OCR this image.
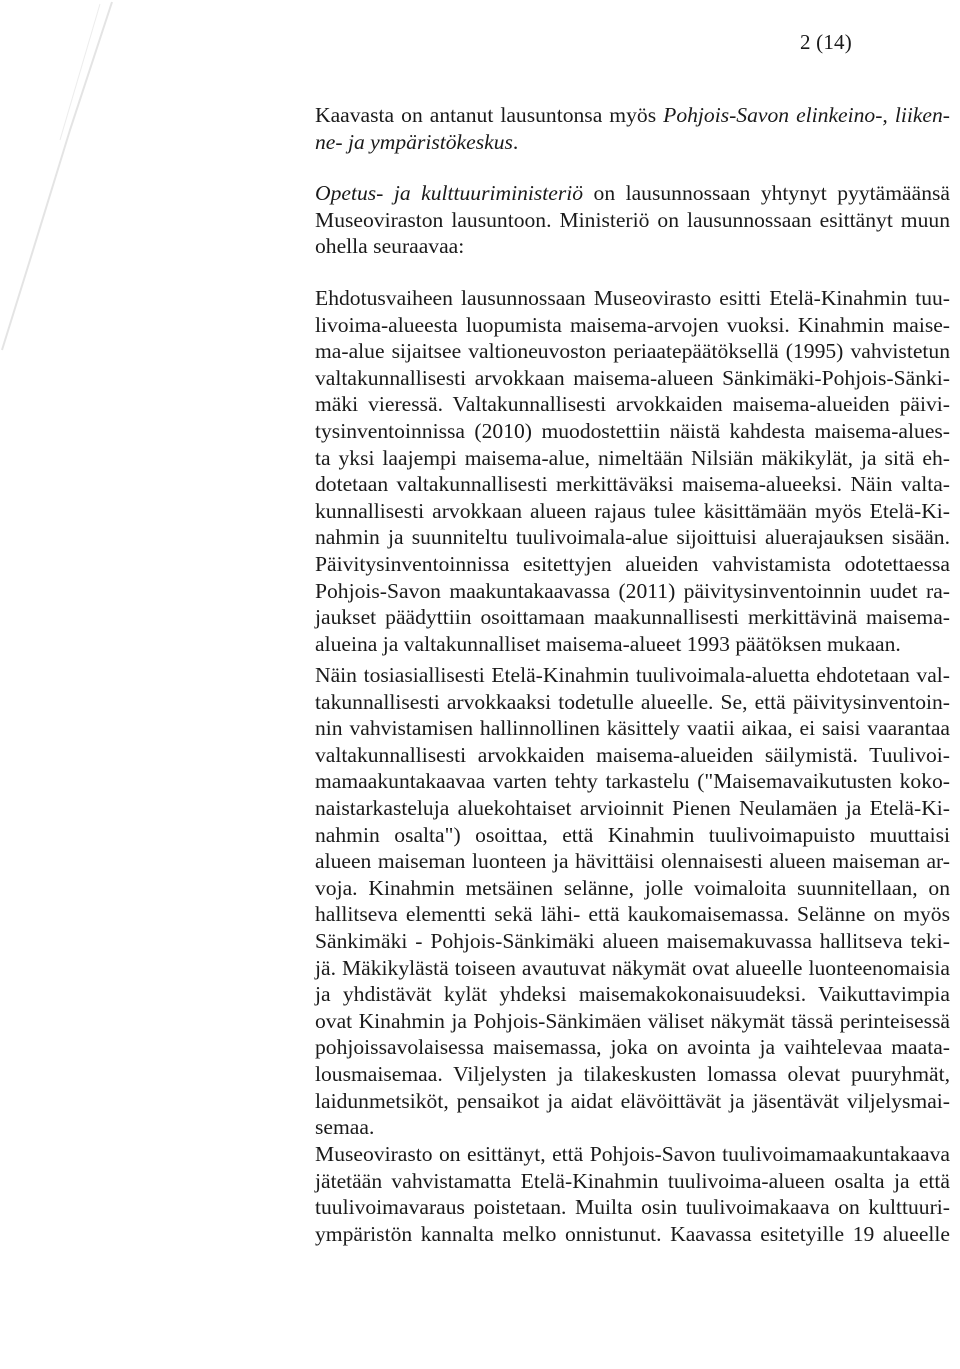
2 (14)
Kaavasta on antanut lausuntonsa myös Pohjois-Savon elinkeino-, liiken-
ne- ja ympäristökeskus.
Opetus- ja kulttuuriministeriö on lausunnossaan yhtynyt pyytämäänsä
Museoviraston lausuntoon. Ministeriö on lausunnossaan esittänyt muun
ohella seuraavaa:
Ehdotusvaiheen lausunnossaan Museovirasto esitti Etelä-Kinahmin tuu-
livoima-alueesta luopumista maisema-arvojen vuoksi. Kinahmin maise-
ma-alue sijaitsee valtioneuvoston periaatepäätöksellä (1995) vahvistetun
valtakunnallisesti arvokkaan maisema-alueen Sänkimäki-Pohjois-Sänki-
mäki vieressä. Valtakunnallisesti arvokkaiden maisema-alueiden päivi-
tysinventoinnissa (2010) muodostettiin näistä kahdesta maisema-alues-
ta yksi laajempi maisema-alue, nimeltään Nilsiän mäkikylät, ja sitä eh-
dotetaan valtakunnallisesti merkittäväksi maisema-alueeksi. Näin valta-
kunnallisesti arvokkaan alueen rajaus tulee käsittämään myös Etelä-Ki-
nahmin ja suunniteltu tuulivoimala-alue sijoittuisi aluerajauksen sisään.
Päivitysinventoinnissa esitettyjen alueiden vahvistamista odotettaessa
Pohjois-Savon maakuntakaavassa (2011) päivitysinventoinnin uudet ra-
jaukset päädyttiin osoittamaan maakunnallisesti merkittävinä maisema-
alueina ja valtakunnalliset maisema-alueet 1993 päätöksen mukaan.
Näin tosiasiallisesti Etelä-Kinahmin tuulivoimala-aluetta ehdotetaan val-
takunnallisesti arvokkaaksi todetulle alueelle. Se, että päivitysinventoin-
nin vahvistamisen hallinnollinen käsittely vaatii aikaa, ei saisi vaarantaa
valtakunnallisesti arvokkaiden maisema-alueiden säilymistä. Tuulivoi-
mamaakuntakaavaa varten tehty tarkastelu ("Maisemavaikutusten koko-
naistarkasteluja aluekohtaiset arvioinnit Pienen Neulamäen ja Etelä-Ki-
nahmin osalta") osoittaa, että Kinahmin tuulivoimapuisto muuttaisi
alueen maiseman luonteen ja hävittäisi olennaisesti alueen maiseman ar-
voja. Kinahmin metsäinen selänne, jolle voimaloita suunnitellaan, on
hallitseva elementti sekä lähi- että kaukomaisemassa. Selänne on myös
Sänkimäki - Pohjois-Sänkimäki alueen maisemakuvassa hallitseva teki-
jä. Mäkikylästä toiseen avautuvat näkymät ovat alueelle luonteenomaisia
ja yhdistävät kylät yhdeksi maisemakokonaisuudeksi. Vaikuttavimpia
ovat Kinahmin ja Pohjois-Sänkimäen väliset näkymät tässä perinteisessä
pohjoissavolaisessa maisemassa, joka on avointa ja vaihtelevaa maata-
lousmaisemaa. Viljelysten ja tilakeskusten lomassa olevat puuryhmät,
laidunmetsiköt, pensaikot ja aidat elävöittävät ja jäsentävät viljelysmai-
semaa.
Museovirasto on esittänyt, että Pohjois-Savon tuulivoimamaakuntakaava
jätetään vahvistamatta Etelä-Kinahmin tuulivoima-alueen osalta ja että
tuulivoimavaraus poistetaan. Muilta osin tuulivoimakaava on kulttuuri-
ympäristön kannalta melko onnistunut. Kaavassa esitetyille 19 alueelle
